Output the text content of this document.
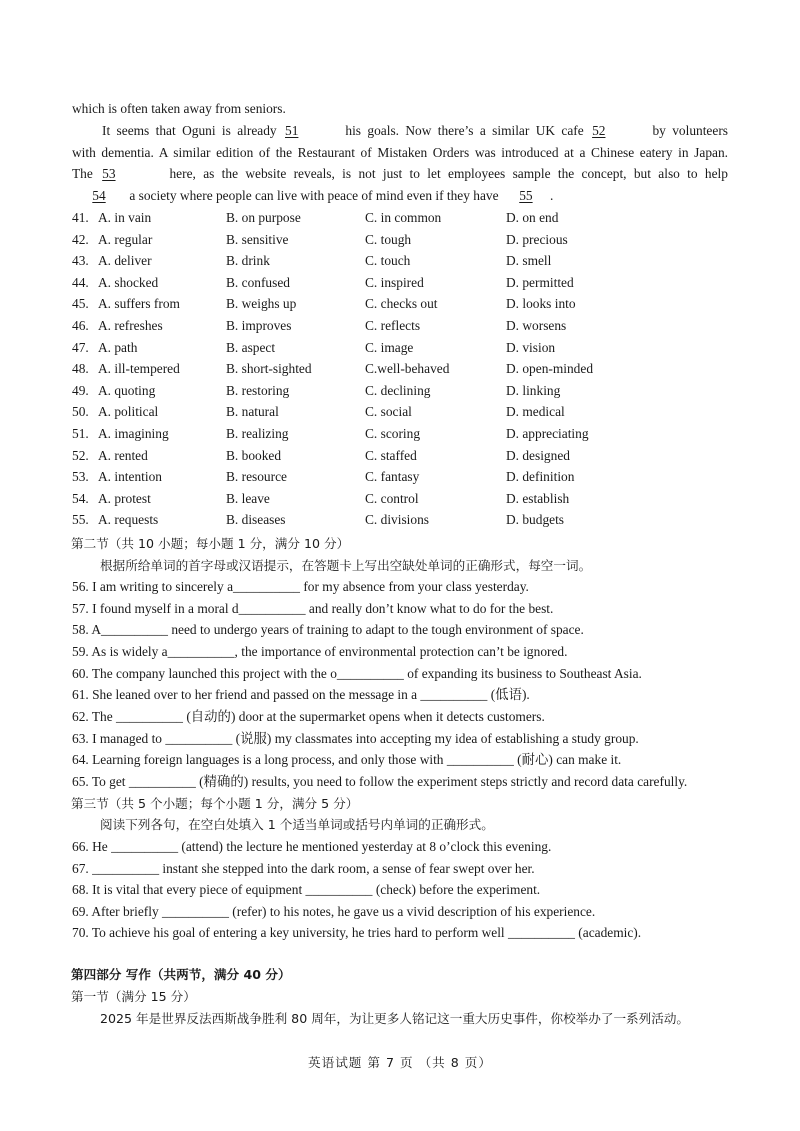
which is often taken away from seniors.
It seems that Oguni is already 51	his goals. Now there’s a similar UK cafe 52	by volunteers
with dementia. A similar edition of the Restaurant of Mistaken Orders was introduced at a Chinese eatery in Japan.
The 53	here, as the website reveals, is not just to let employees sample the concept, but also to help
54 a society where people can live with peace of mind even if they have 55 .
41. A. in vain	B. on purpose	C. in common	D. on end
42. A. regular	B. sensitive	C. tough	D. precious
43. A. deliver	B. drink	C. touch	D. smell
44. A. shocked	B. confused	C. inspired	D. permitted
45. A. suffers from	B. weighs up	C. checks out	D. looks into
46. A. refreshes	B. improves	C. reflects	D. worsens
47. A. path	B. aspect	C. image	D. vision
48. A. ill-tempered	B. short-sighted	C.well-behaved	D. open-minded
49. A. quoting	B. restoring	C. declining	D. linking
50. A. political	B. natural	C. social	D. medical
51. A. imagining	B. realizing	C. scoring	D. appreciating
52. A. rented	B. booked	C. staffed	D. designed
53. A. intention	B. resource	C. fantasy	D. definition
54. A. protest	B. leave	C. control	D. establish
55. A. requests	B. diseases	C. divisions	D. budgets
第二节（共 10 小题；每小题 1 分，满分 10 分）
根据所给单词的首字母或汉语提示，在答题卡上写出空缺处单词的正确形式，每空一词。
56. I am writing to sincerely a__________ for my absence from your class yesterday.
57. I found myself in a moral d__________ and really don’t know what to do for the best.
58. A__________ need to undergo years of training to adapt to the tough environment of space.
59. As is widely a__________, the importance of environmental protection can’t be ignored.
60. The company launched this project with the o__________ of expanding its business to Southeast Asia.
61. She leaned over to her friend and passed on the message in a __________ (低语).
62. The __________ (自动的) door at the supermarket opens when it detects customers.
63. I managed to __________ (说服) my classmates into accepting my idea of establishing a study group.
64. Learning foreign languages is a long process, and only those with __________ (耐心) can make it.
65. To get __________ (精确的) results, you need to follow the experiment steps strictly and record data carefully.
第三节（共 5 个小题；每个小题 1 分，满分 5 分）
阅读下列各句，在空白处填入 1 个适当单词或括号内单词的正确形式。
66. He __________ (attend) the lecture he mentioned yesterday at 8 o’clock this evening.
67. __________ instant she stepped into the dark room, a sense of fear swept over her.
68. It is vital that every piece of equipment __________ (check) before the experiment.
69. After briefly __________ (refer) to his notes, he gave us a vivid description of his experience.
70. To achieve his goal of entering a key university, he tries hard to perform well __________ (academic).
第四部分 写作（共两节，满分 40 分）
第一节（满分 15 分）
2025 年是世界反法西斯战争胜利 80 周年，为让更多人铭记这一重大历史事件，你校举办了一系列活动。
英语试题 第 7 页 （共 8 页）
